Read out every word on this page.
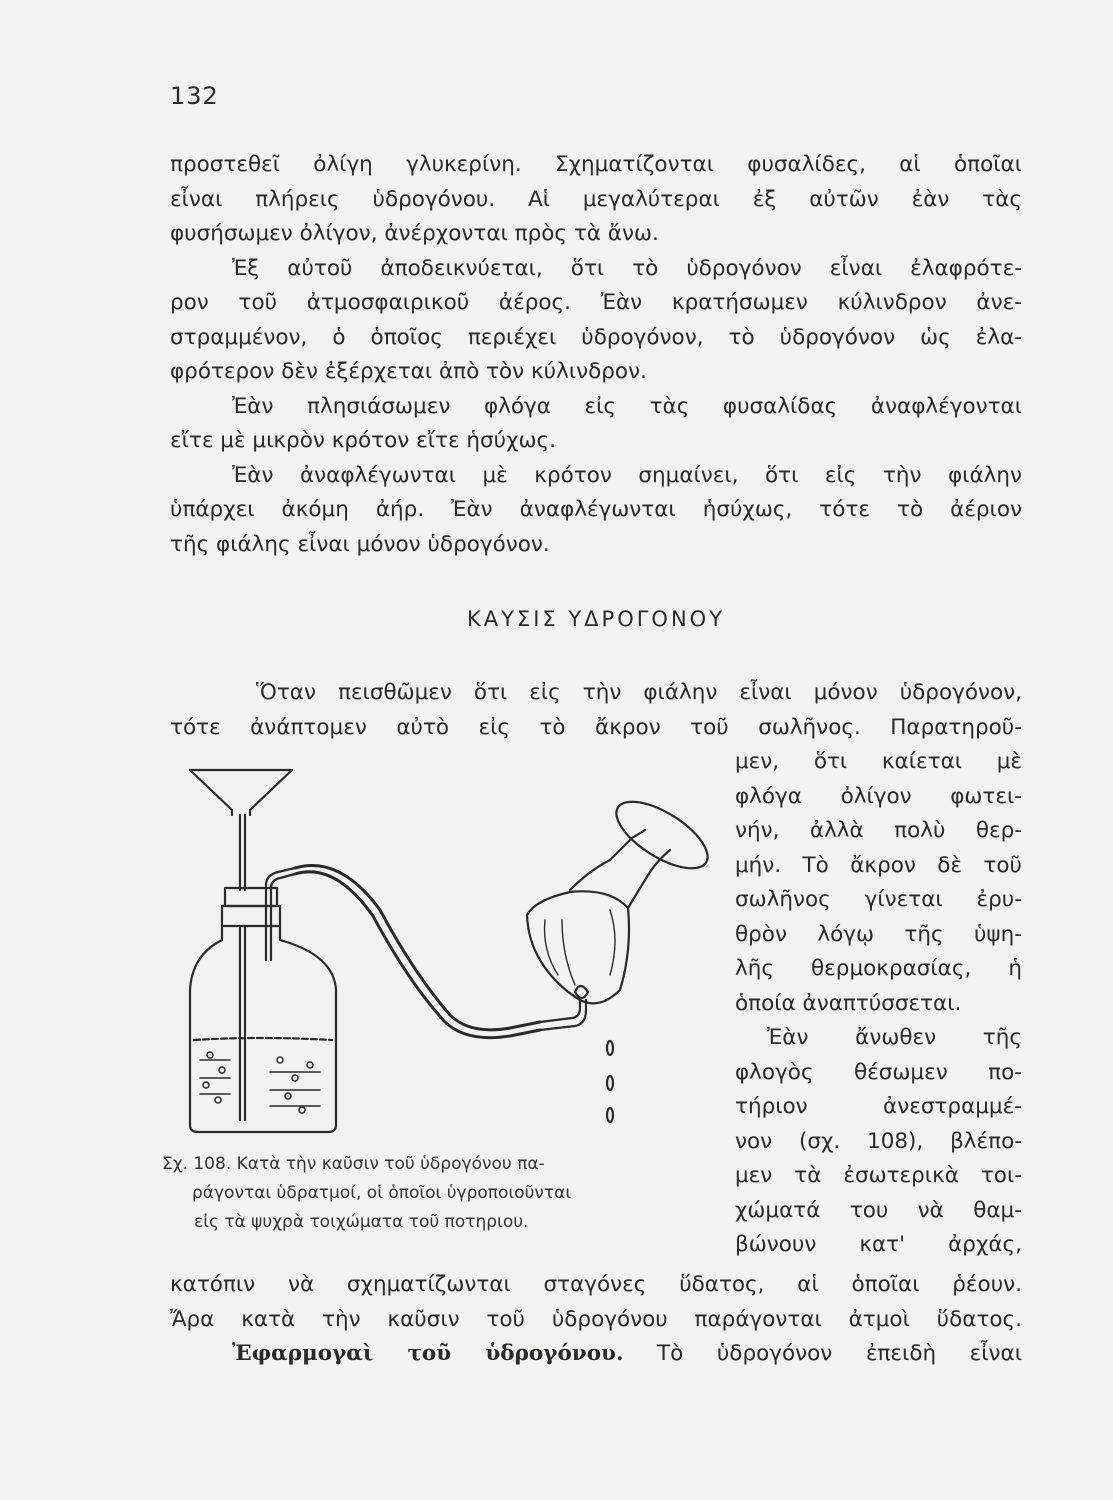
132
προστεθεῖ ὀλίγη γλυκερίνη. Σχηματίζονται φυσαλίδες, αἱ ὁποῖαι
εἶναι πλήρεις ὑδρογόνου. Αἱ μεγαλύτεραι ἐξ αὐτῶν ἐὰν τὰς
φυσήσωμεν ὀλίγον, ἀνέρχονται πρὸς τὰ ἄνω.
Ἐξ αὐτοῦ ἀποδεικνύεται, ὅτι τὸ ὑδρογόνον εἶναι ἐλαφρότε-
ρον τοῦ ἀτμοσφαιρικοῦ ἀέρος. Ἐὰν κρατήσωμεν κύλινδρον ἀνε-
στραμμένον, ὁ ὁποῖος περιέχει ὑδρογόνον, τὸ ὑδρογόνον ὡς ἐλα-
φρότερον δὲν ἐξέρχεται ἀπὸ τὸν κύλινδρον.
Ἐὰν πλησιάσωμεν φλόγα εἰς τὰς φυσαλίδας ἀναφλέγονται
εἴτε μὲ μικρὸν κρότον εἴτε ἡσύχως.
Ἐὰν ἀναφλέγωνται μὲ κρότον σημαίνει, ὅτι εἰς τὴν φιάλην
ὑπάρχει ἀκόμη ἀήρ. Ἐὰν ἀναφλέγωνται ἡσύχως, τότε τὸ ἀέριον
τῆς φιάλης εἶναι μόνον ὑδρογόνον.
ΚΑΥΣΙΣ ΥΔΡΟΓΟΝΟΥ
Ὅταν πεισθῶμεν ὅτι εἰς τὴν φιάλην εἶναι μόνον ὑδρογόνον,
τότε ἀνάπτομεν αὐτὸ εἰς τὸ ἄκρον τοῦ σωλῆνος. Παρατηροῦ-
μεν, ὅτι καίεται μὲ
φλόγα ὀλίγον φωτει-
νήν, ἀλλὰ πολὺ θερ-
μήν. Τὸ ἄκρον δὲ τοῦ
σωλῆνος γίνεται ἐρυ-
θρὸν λόγῳ τῆς ὑψη-
λῆς θερμοκρασίας, ἡ
ὁποία ἀναπτύσσεται.
Ἐὰν ἄνωθεν τῆς
φλογὸς θέσωμεν πο-
τήριον ἀνεστραμμέ-
νον (σχ. 108), βλέπο-
μεν τὰ ἐσωτερικὰ τοι-
χώματά του νὰ θαμ-
βώνουν κατ' ἀρχάς,
Σχ. 108. Κατὰ τὴν καῦσιν τοῦ ὑδρογόνου πα-
ράγονται ὑδρατμοί, οἱ ὁποῖοι ὑγροποιοῦνται
εἰς τὰ ψυχρὰ τοιχώματα τοῦ ποτηριου.
κατόπιν νὰ σχηματίζωνται σταγόνες ὕδατος, αἱ ὁποῖαι ῥέουν.
Ἄρα κατὰ τὴν καῦσιν τοῦ ὑδρογόνου παράγονται ἀτμοὶ ὕδατος.
Ἐφαρμογαὶ τοῦ ὑδρογόνου. Τὸ ὑδρογόνον ἐπειδὴ εἶναι
